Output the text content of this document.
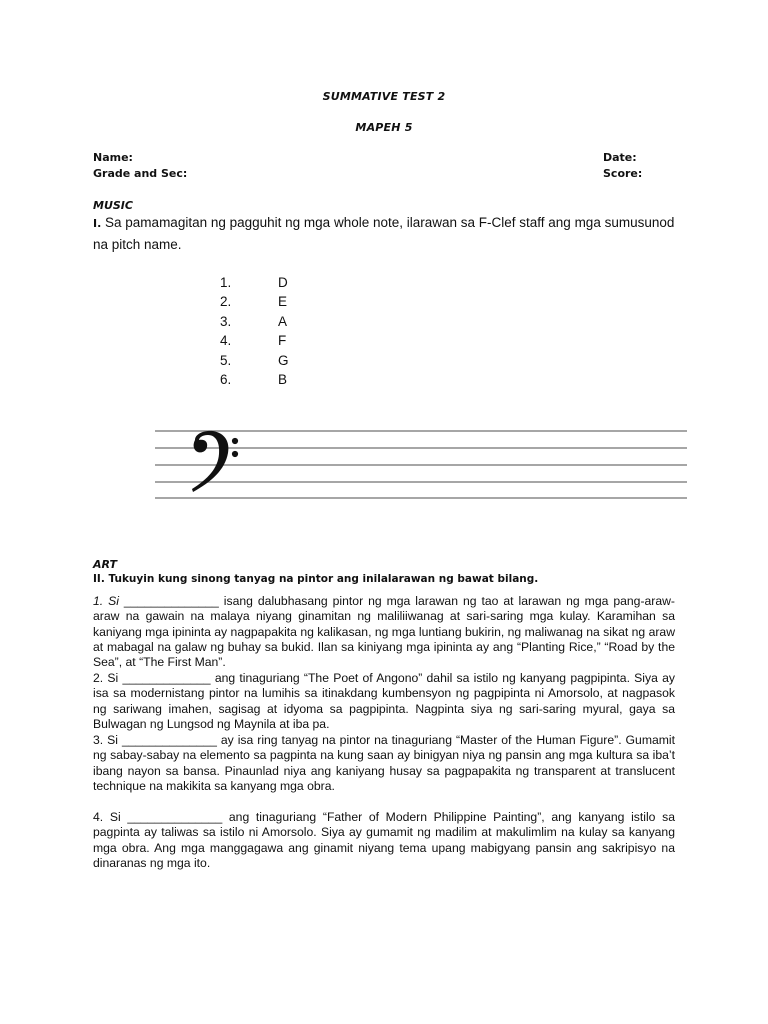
SUMMATIVE TEST 2
MAPEH 5
Name:	Date:
Grade and Sec:	Score:
MUSIC
I. Sa pamamagitan ng pagguhit ng mga whole note, ilarawan sa F-Clef staff ang mga sumusunod na pitch name.
1.	D
2.	E
3.	A
4.	F
5.	G
6.	B
ART
II. Tukuyin kung sinong tanyag na pintor ang inilalarawan ng bawat bilang.
1. Si ______________ isang dalubhasang pintor ng mga larawan ng tao at larawan ng mga pang-araw-araw na gawain na malaya niyang ginamitan ng maliliiwanag at sari-saring mga kulay. Karamihan sa kaniyang mga ipininta ay nagpapakita ng kalikasan, ng mga luntiang bukirin, ng maliwanag na sikat ng araw at mabagal na galaw ng buhay sa bukid. Ilan sa kiniyang mga ipininta ay ang “Planting Rice,” “Road by the Sea”, at “The First Man”.
2. Si _____________ ang tinaguriang “The Poet of Angono” dahil sa istilo ng kanyang pagpipinta. Siya ay isa sa modernistang pintor na lumihis sa itinakdang kumbensyon ng pagpipinta ni Amorsolo, at nagpasok ng sariwang imahen, sagisag at idyoma sa pagpipinta. Nagpinta siya ng sari-saring myural, gaya sa Bulwagan ng Lungsod ng Maynila at iba pa.
3. Si ______________ ay isa ring tanyag na pintor na tinaguriang “Master of the Human Figure”. Gumamit ng sabay-sabay na elemento sa pagpinta na kung saan ay binigyan niya ng pansin ang mga kultura sa iba’t ibang nayon sa bansa. Pinaunlad niya ang kaniyang husay sa pagpapakita ng transparent at translucent technique na makikita sa kanyang mga obra.
4. Si ______________ ang tinaguriang “Father of Modern Philippine Painting”, ang kanyang istilo sa pagpinta ay taliwas sa istilo ni Amorsolo. Siya ay gumamit ng madilim at makulimlim na kulay sa kanyang mga obra. Ang mga manggagawa ang ginamit niyang tema upang mabigyang pansin ang sakripisyo na dinaranas ng mga ito.
